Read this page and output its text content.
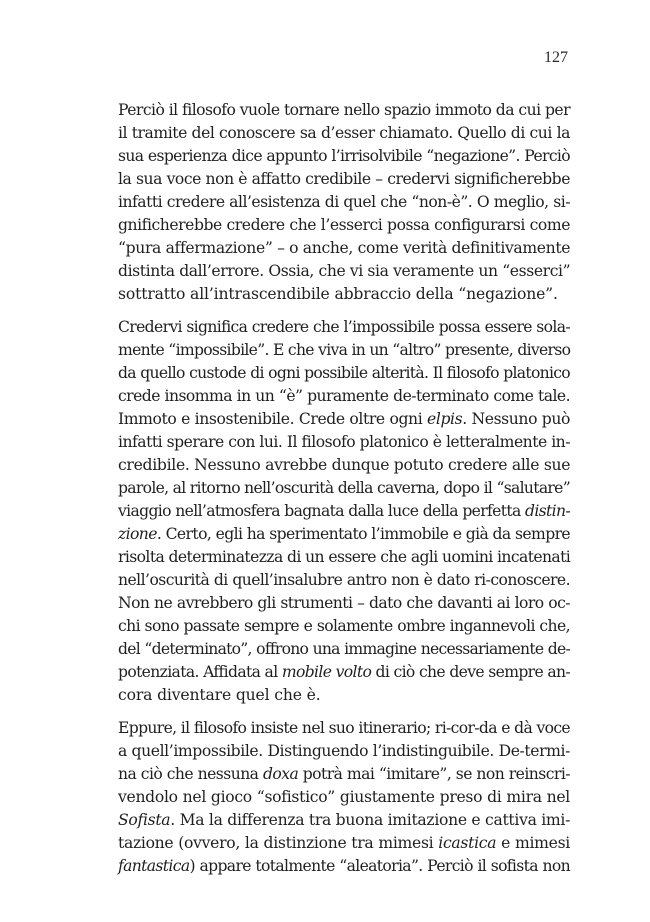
127
Perciò il filosofo vuole tornare nello spazio immoto da cui per
il tramite del conoscere sa d’esser chiamato. Quello di cui la
sua esperienza dice appunto l’irrisolvibile “negazione”. Perciò
la sua voce non è affatto credibile – credervi significherebbe
infatti credere all’esistenza di quel che “non-è”. O meglio, si-
gnificherebbe credere che l’esserci possa configurarsi come
“pura affermazione” – o anche, come verità definitivamente
distinta dall’errore. Ossia, che vi sia veramente un “esserci”
sottratto all’intrascendibile abbraccio della “negazione”.
Credervi significa credere che l’impossibile possa essere sola-
mente “impossibile”. E che viva in un “altro” presente, diverso
da quello custode di ogni possibile alterità. Il filosofo platonico
crede insomma in un “è” puramente de-terminato come tale.
Immoto e insostenibile. Crede oltre ogni elpis. Nessuno può
infatti sperare con lui. Il filosofo platonico è letteralmente in-
credibile. Nessuno avrebbe dunque potuto credere alle sue
parole, al ritorno nell’oscurità della caverna, dopo il “salutare”
viaggio nell’atmosfera bagnata dalla luce della perfetta distin-
zione. Certo, egli ha sperimentato l’immobile e già da sempre
risolta determinatezza di un essere che agli uomini incatenati
nell’oscurità di quell’insalubre antro non è dato ri-conoscere.
Non ne avrebbero gli strumenti – dato che davanti ai loro oc-
chi sono passate sempre e solamente ombre ingannevoli che,
del “determinato”, offrono una immagine necessariamente de-
potenziata. Affidata al mobile volto di ciò che deve sempre an-
cora diventare quel che è.
Eppure, il filosofo insiste nel suo itinerario; ri-cor-da e dà voce
a quell’impossibile. Distinguendo l’indistinguibile. De-termi-
na ciò che nessuna doxa potrà mai “imitare”, se non reinscri-
vendolo nel gioco “sofistico” giustamente preso di mira nel
Sofista. Ma la differenza tra buona imitazione e cattiva imi-
tazione (ovvero, la distinzione tra mimesi icastica e mimesi
fantastica) appare totalmente “aleatoria”. Perciò il sofista non
